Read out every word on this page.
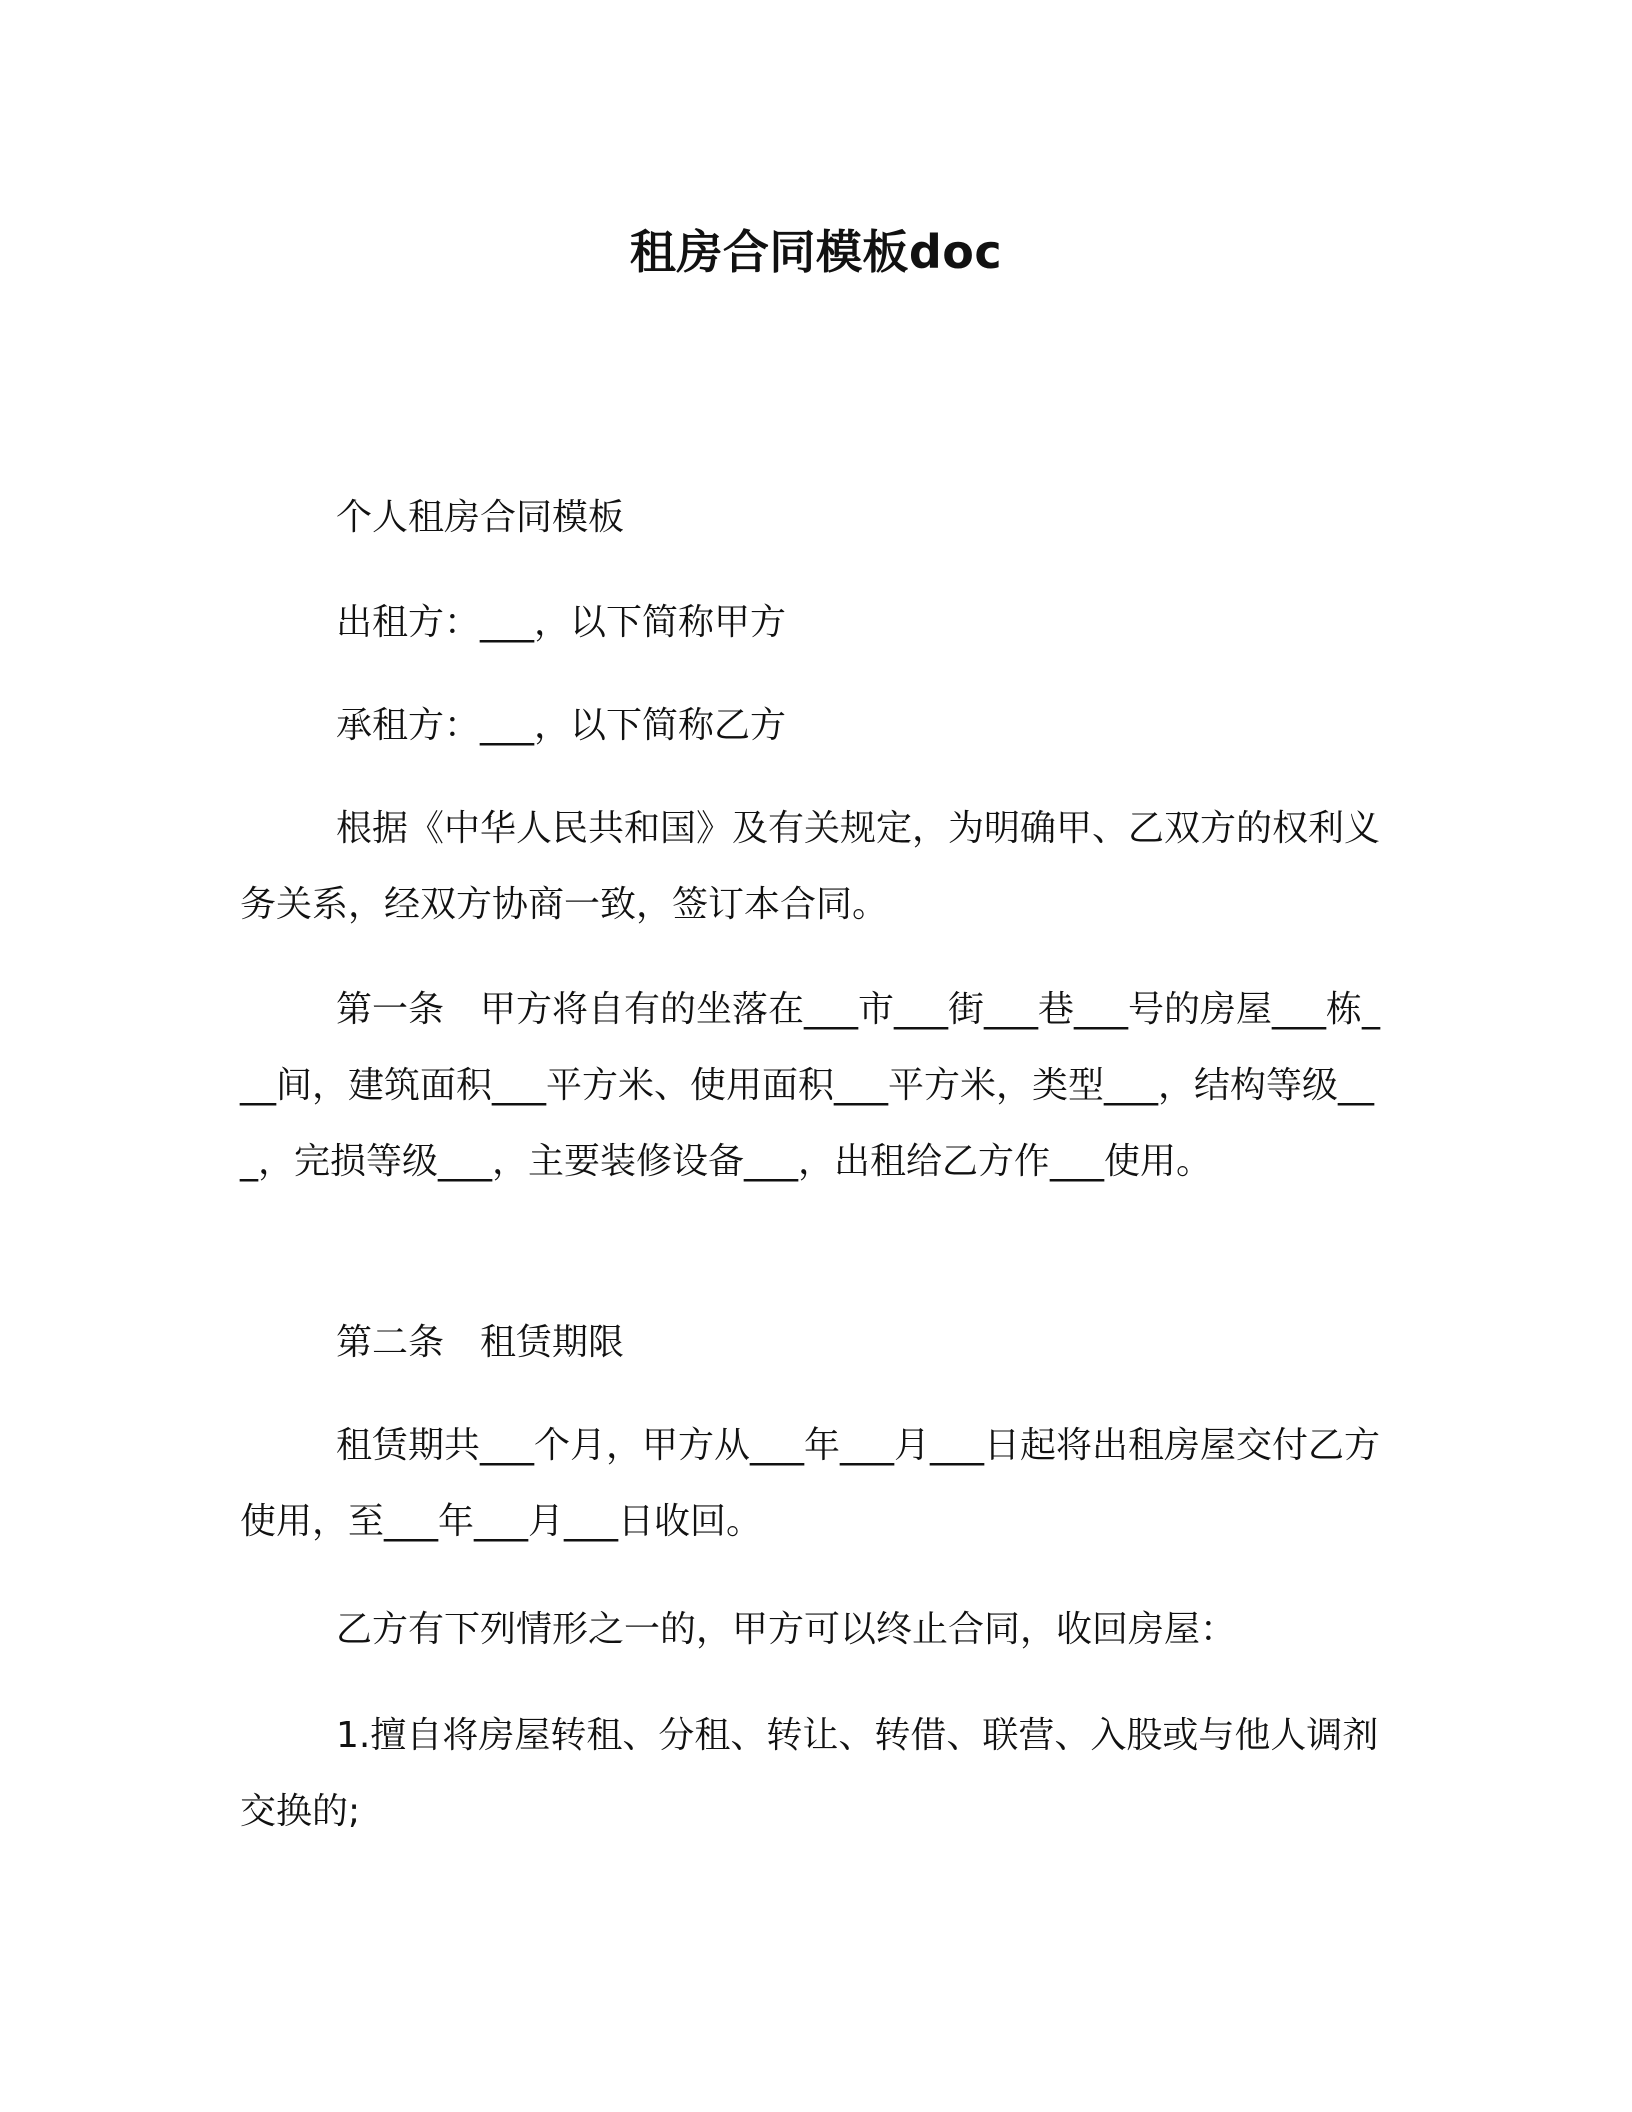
租房合同模板doc

个人租房合同模板

出租方：___，以下简称甲方

承租方：___，以下简称乙方

根据《中华人民共和国》及有关规定，为明确甲、乙双方的权利义务关系，经双方协商一致，签订本合同。

第一条　甲方将自有的坐落在___市___街___巷___号的房屋___栋___间，建筑面积___平方米、使用面积___平方米，类型___，结构等级___，完损等级___，主要装修设备___，出租给乙方作___使用。

第二条　租赁期限

租赁期共___个月，甲方从___年___月___日起将出租房屋交付乙方使用，至___年___月___日收回。

乙方有下列情形之一的，甲方可以终止合同，收回房屋：

1.擅自将房屋转租、分租、转让、转借、联营、入股或与他人调剂交换的;
